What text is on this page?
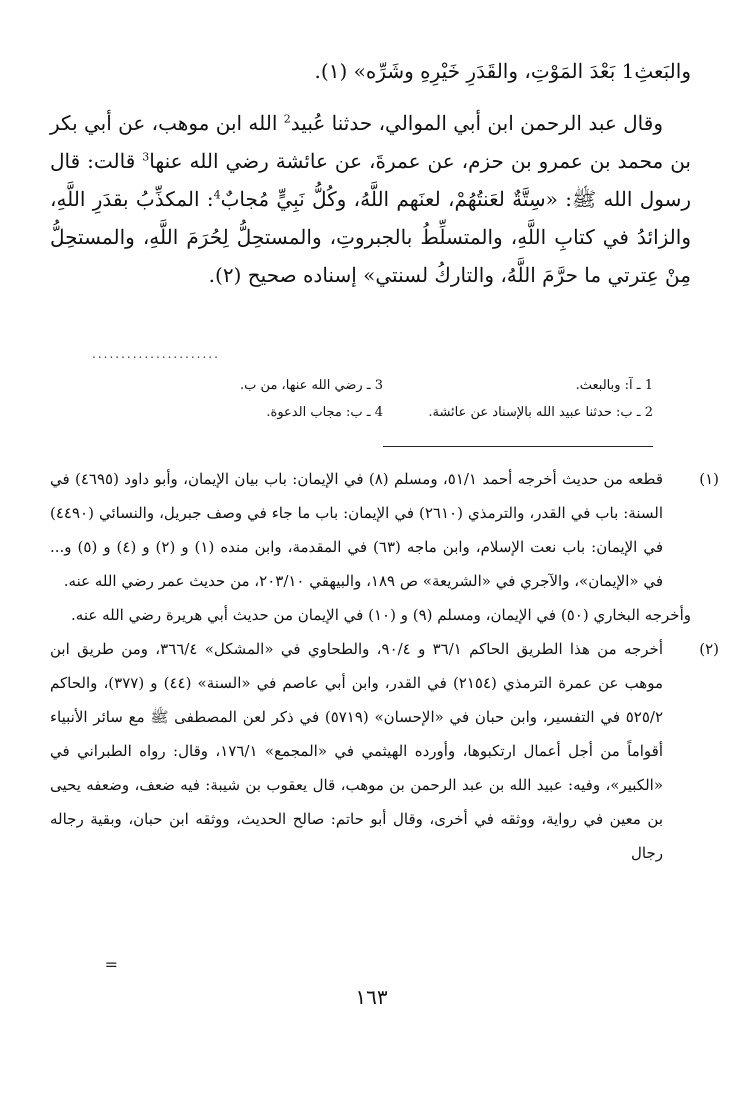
والبَعثِ1 بَعْدَ المَوْتِ، والقَدَرِ خَيْرِهِ وشَرِّه» (١).

وقال عبد الرحمن ابن أبي الموالي، حدثنا عُبيد$^2$ الله ابن موهب، عن أبي بكر بن محمد بن عمرو بن حزم، عن عمرةَ، عن عائشة رضي الله عنها$^3$ قالت: قال رسول الله ﷺ: «سِتَّةٌ لعَنتُهُمْ، لعنَهم اللَّهُ، وكُلُّ نَبِيٍّ مُجابٌ$^4$: المكذِّبُ بقدَرِ اللَّهِ، والزائدُ في كتابِ اللَّهِ، والمتسلِّطُ بالجبروتِ، والمستحِلُّ لِحُرَمَ اللَّهِ، والمستحِلُّ مِنْ عِترتي ما حرَّمَ اللَّهُ، والتاركُ لسنتي» إسناده صحيح (٢).

......................
1 ـ آ: وبالبعث.
3 ـ رضي الله عنها، من ب.
2 ـ ب: حدثنا عبيد الله بالإسناد عن عائشة.
4 ـ ب: مجاب الدعوة.
(١)قطعه من حديث أخرجه أحمد ٥١/١، ومسلم (٨) في الإيمان: باب بيان الإيمان، وأبو داود (٤٦٩٥) في السنة: باب في القدر، والترمذي (٢٦١٠) في الإيمان: باب ما جاء في وصف جبريل، والنسائي (٤٤٩٠) في الإيمان: باب نعت الإسلام، وابن ماجه (٦٣) في المقدمة، وابن منده (١) و (٢) و (٤) و (٥) و... في «الإيمان»، والآجري في «الشريعة» ص ١٨٩، والبيهقي ٢٠٣/١٠، من حديث عمر رضي الله عنه.

وأخرجه البخاري (٥٠) في الإيمان، ومسلم (٩) و (١٠) في الإيمان من حديث أبي هريرة رضي الله عنه.

(٢)أخرجه من هذا الطريق الحاكم ٣٦/١ و ٩٠/٤، والطحاوي في «المشكل» ٣٦٦/٤، ومن طريق ابن موهب عن عمرة الترمذي (٢١٥٤) في القدر، وابن أبي عاصم في «السنة» (٤٤) و (٣٧٧)، والحاكم ٥٢٥/٢ في التفسير، وابن حبان في «الإحسان» (٥٧١٩) في ذكر لعن المصطفى ﷺ مع سائر الأنبياء أقواماً من أجل أعمال ارتكبوها، وأورده الهيثمي في «المجمع» ١٧٦/١، وقال: رواه الطبراني في «الكبير»، وفيه: عبيد الله بن عبد الرحمن بن موهب، قال يعقوب بن شيبة: فيه ضعف، وضعفه يحيى بن معين في رواية، ووثقه في أخرى، وقال أبو حاتم: صالح الحديث، ووثقه ابن حبان، وبقية رجاله رجال
=
١٦٣
